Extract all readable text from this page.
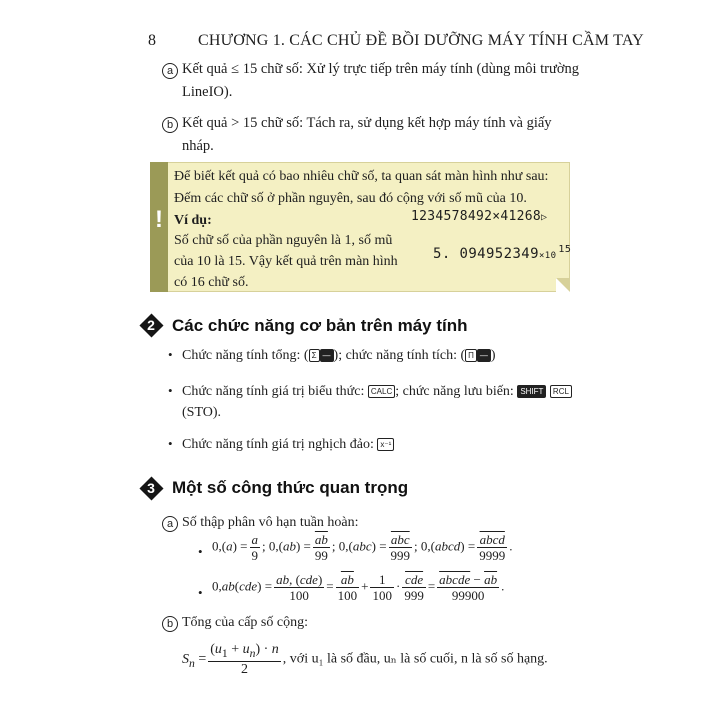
8	CHƯƠNG 1. CÁC CHỦ ĐỀ BỒI DƯỠNG MÁY TÍNH CẦM TAY
a Kết quả ≤ 15 chữ số: Xử lý trực tiếp trên máy tính (dùng môi trường
LineIO).
b Kết quả > 15 chữ số: Tách ra, sử dụng kết hợp máy tính và giấy
nháp.
!
Để biết kết quả có bao nhiêu chữ số, ta quan sát màn hình như sau:
Đếm các chữ số ở phần nguyên, sau đó cộng với số mũ của 10.
Ví dụ:
Số chữ số của phần nguyên là 1, số mũ
của 10 là 15. Vậy kết quả trên màn hình
có 16 chữ số.
1234578492×41268▷
5. $094952349\times 10^{15}$
2	Các chức năng cơ bản trên máy tính
• Chức năng tính tổng: ( Σ — ); chức năng tính tích: ( Π — )
• Chức năng tính giá trị biểu thức: CALC ; chức năng lưu biến: SHIFT RCL
(STO).
• Chức năng tính giá trị nghịch đảo: x⁻¹
3	Một số công thức quan trọng
a Số thập phân vô hạn tuần hoàn:
• $0,(a) = \frac{a}{9}$ ; $0,(ab) = \frac{\overline{ab}}{99}$ ; $0,(abc) = \frac{\overline{abc}}{999}$ ; 0,(abcd) = $\frac{\text{abcd}}{9999}$ .
• $0,ab(cde) = \frac{\text{ab, (cde)}}{100} = \frac{\overline{ab}}{100} + \frac{1}{100} \cdot \frac{\overline{cde}}{999} = \frac{abcde - \overline{ab}}{99900}$ .
b Tổng của cấp số cộng:
$S_n = \frac{(u_1 + u_n) \cdot n}{2}$ , với u₁ là số đầu, uₙ là số cuối, n là số số hạng.
